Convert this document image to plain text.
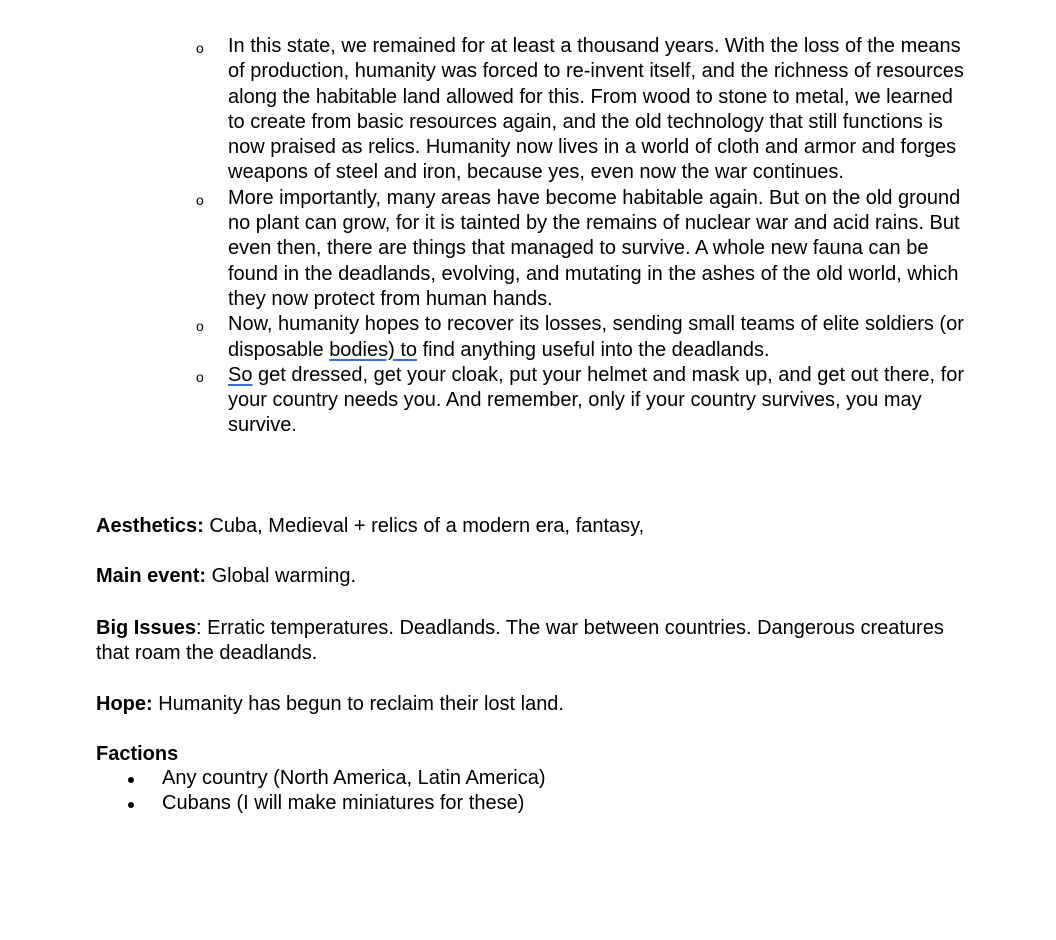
o In this state, we remained for at least a thousand years. With the loss of the means of production, humanity was forced to re-invent itself, and the richness of resources along the habitable land allowed for this. From wood to stone to metal, we learned to create from basic resources again, and the old technology that still functions is now praised as relics. Humanity now lives in a world of cloth and armor and forges weapons of steel and iron, because yes, even now the war continues.
o More importantly, many areas have become habitable again. But on the old ground no plant can grow, for it is tainted by the remains of nuclear war and acid rains. But even then, there are things that managed to survive. A whole new fauna can be found in the deadlands, evolving, and mutating in the ashes of the old world, which they now protect from human hands.
o Now, humanity hopes to recover its losses, sending small teams of elite soldiers (or disposable bodies) to find anything useful into the deadlands.
o So get dressed, get your cloak, put your helmet and mask up, and get out there, for your country needs you. And remember, only if your country survives, you may survive.

Aesthetics: Cuba, Medieval + relics of a modern era, fantasy,

Main event: Global warming.

Big Issues: Erratic temperatures. Deadlands. The war between countries. Dangerous creatures that roam the deadlands.

Hope: Humanity has begun to reclaim their lost land.

Factions

Any country (North America, Latin America)
Cubans (I will make miniatures for these)
